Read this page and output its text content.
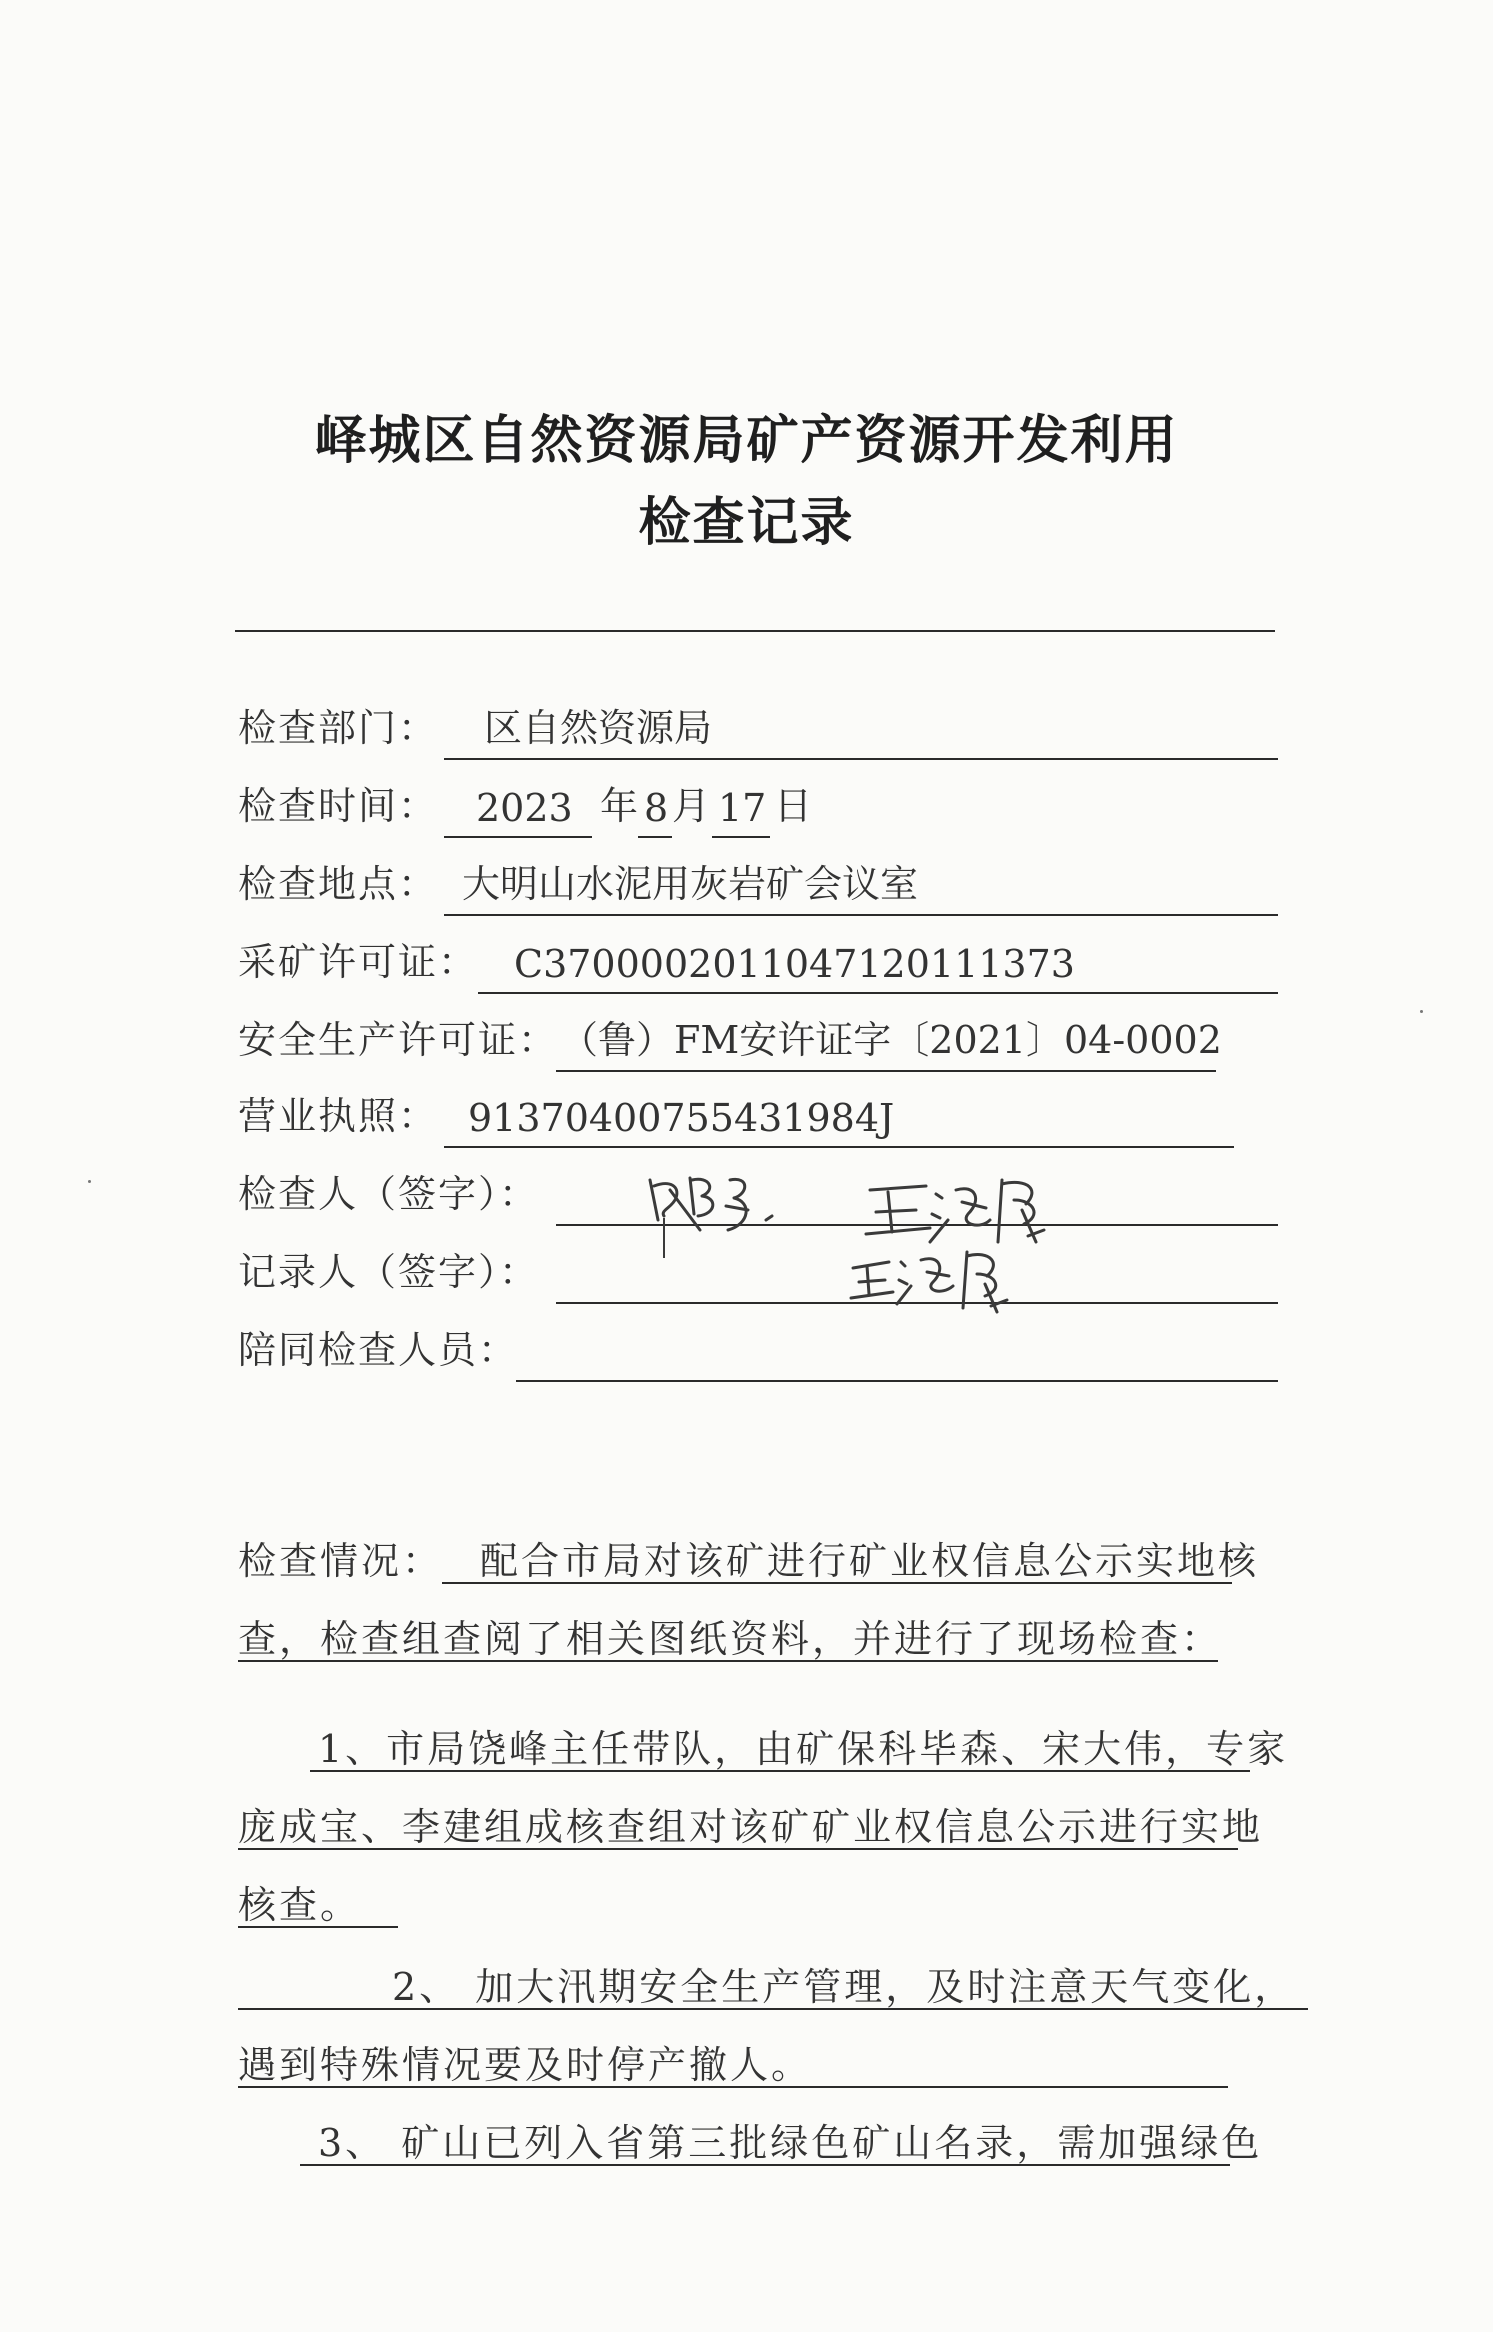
峄城区自然资源局矿产资源开发利用
检查记录
检查部门： 区自然资源局
检查时间： 2023 年 8 月 17 日
检查地点： 大明山水泥用灰岩矿会议室
采矿许可证： C3700002011047120111373
安全生产许可证： （鲁）FM安许证字〔2021〕04-0002
营业执照： 91370400755431984J
检查人（签字）：
记录人（签字）：
陪同检查人员：
检查情况： 配合市局对该矿进行矿业权信息公示实地核
查，检查组查阅了相关图纸资料，并进行了现场检查：
1、市局饶峰主任带队，由矿保科毕森、宋大伟，专家
庞成宝、李建组成核查组对该矿矿业权信息公示进行实地
核查。
2、 加大汛期安全生产管理，及时注意天气变化，
遇到特殊情况要及时停产撤人。
3、 矿山已列入省第三批绿色矿山名录，需加强绿色
